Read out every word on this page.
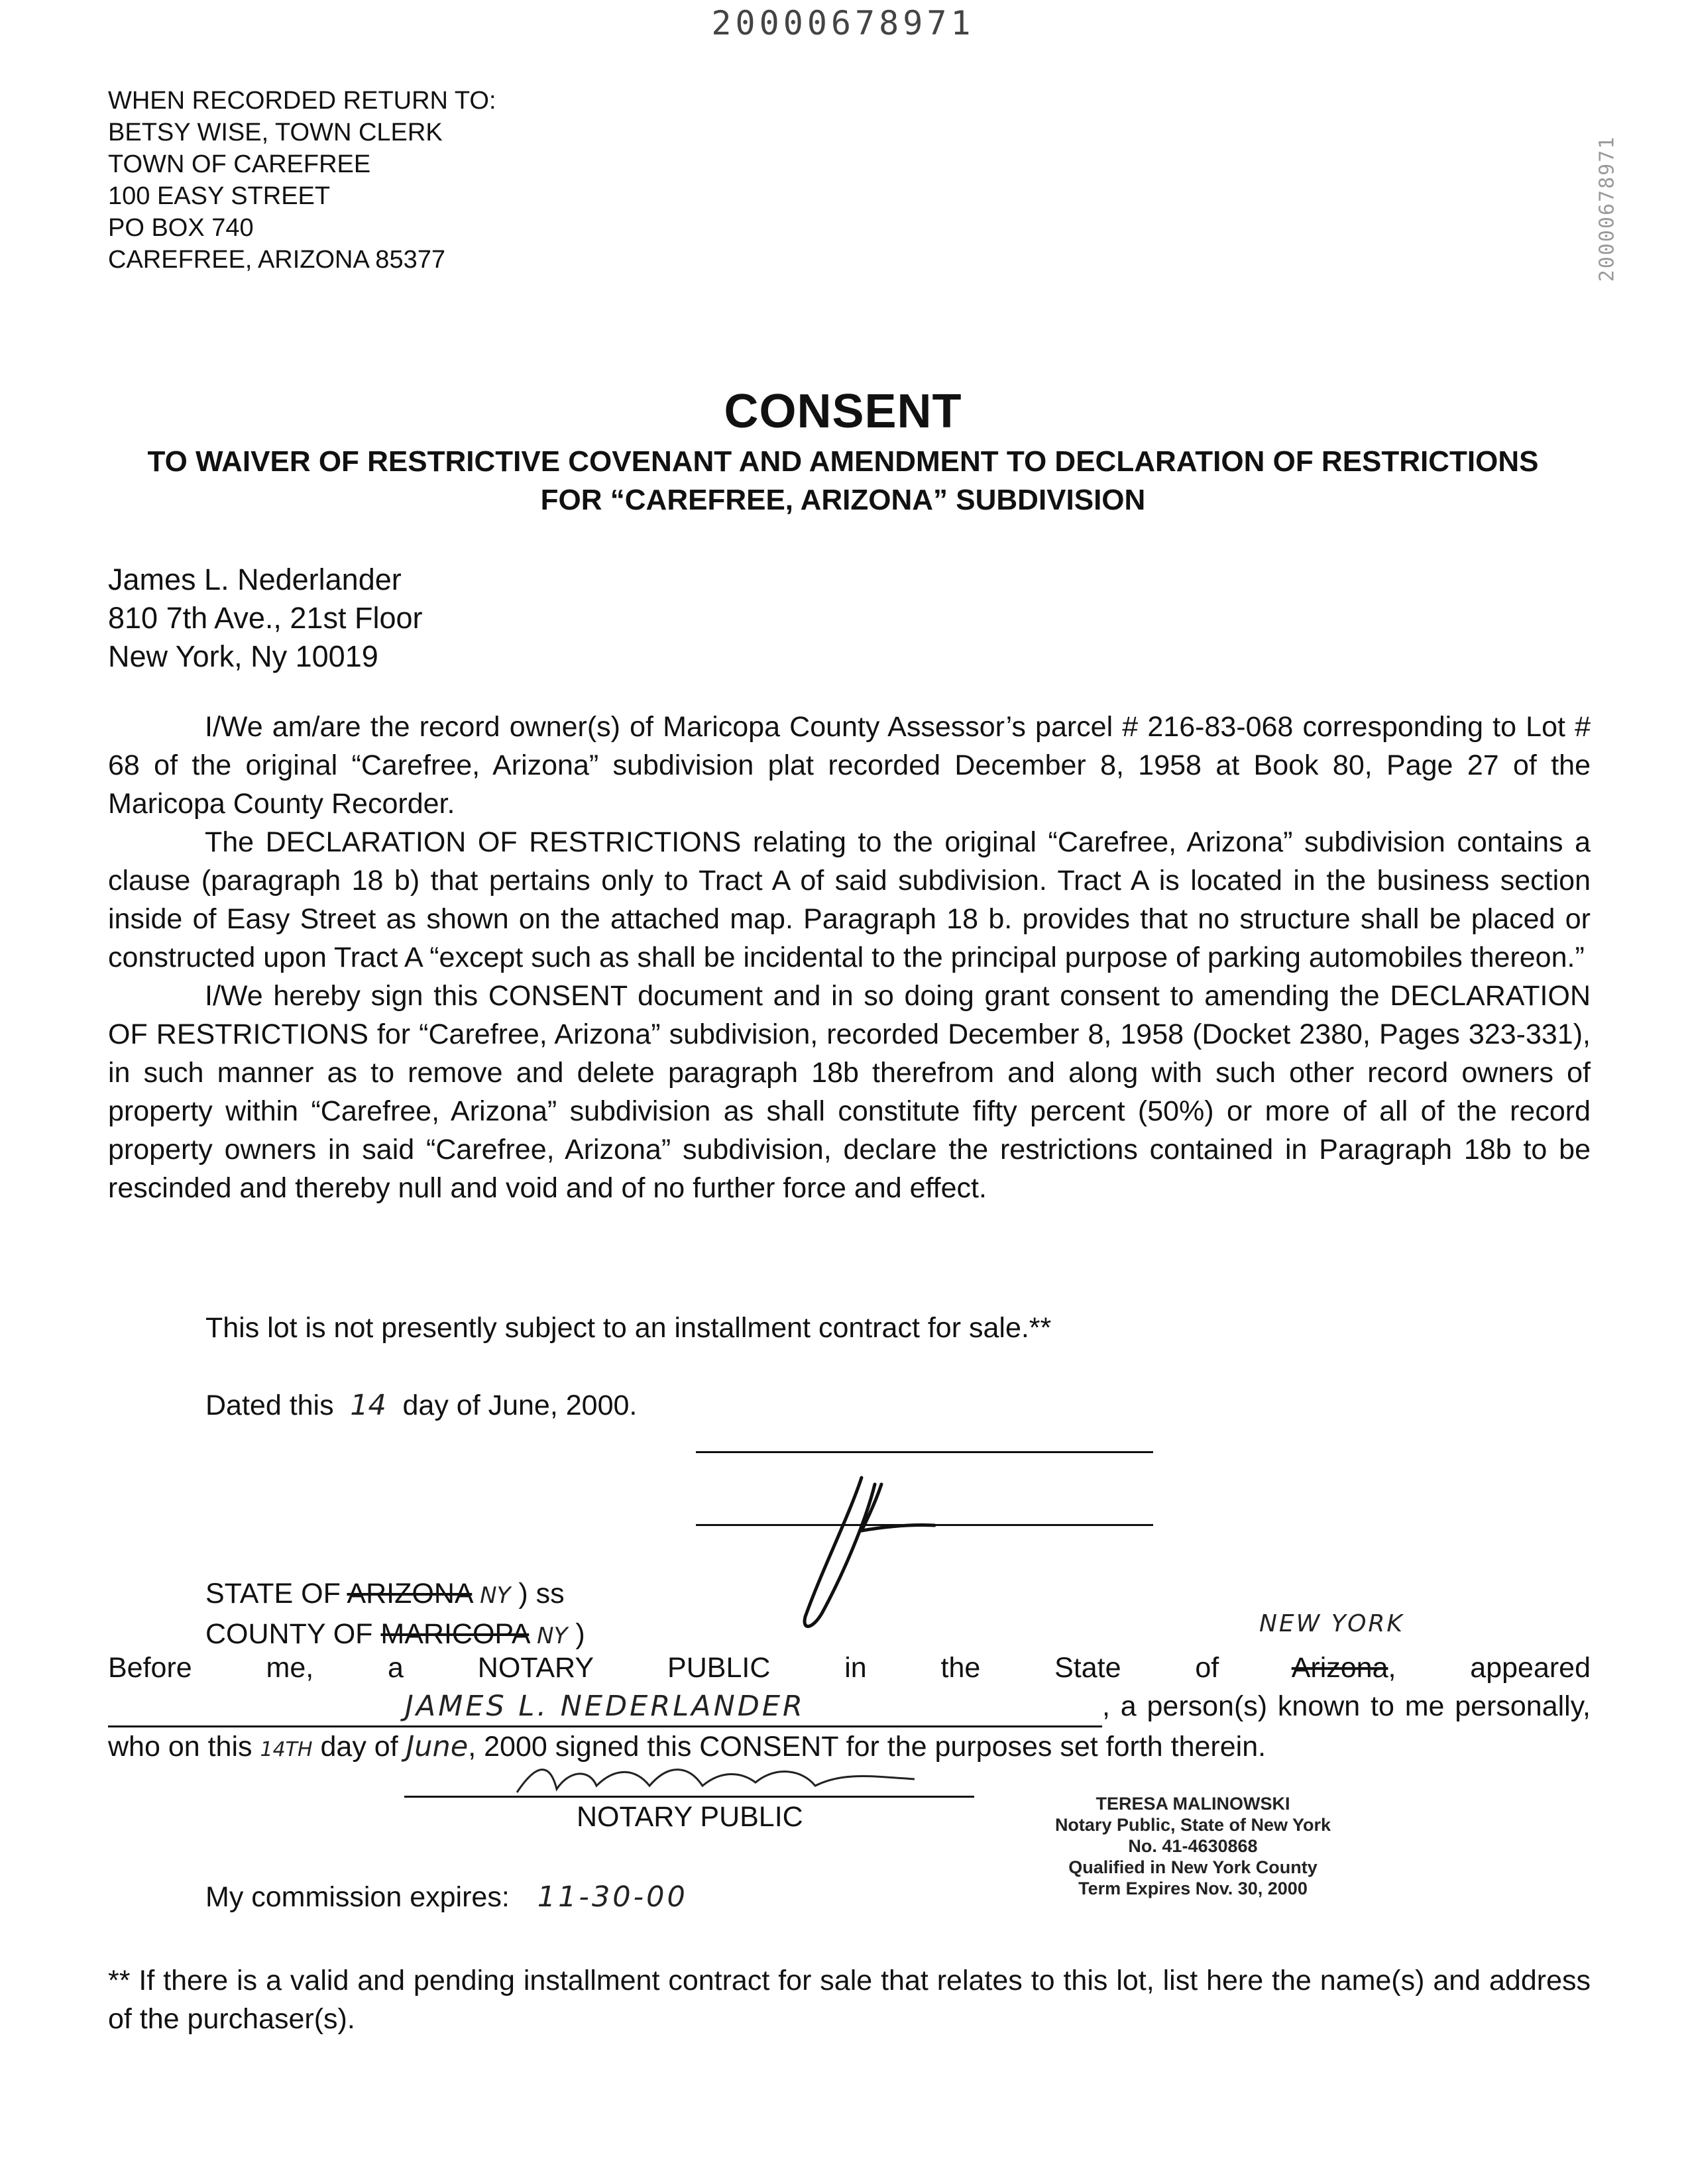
20000678971
WHEN RECORDED RETURN TO:
BETSY WISE, TOWN CLERK
TOWN OF CAREFREE
100 EASY STREET
PO BOX 740
CAREFREE, ARIZONA 85377	20000678971
CONSENT
TO WAIVER OF RESTRICTIVE COVENANT AND AMENDMENT TO DECLARATION OF RESTRICTIONS FOR “CAREFREE, ARIZONA” SUBDIVISION
James L. Nederlander
810 7th Ave., 21st Floor
New York, Ny 10019

I/We am/are the record owner(s) of Maricopa County Assessor’s parcel # 216-83-068 corresponding to Lot # 68 of the original “Carefree, Arizona” subdivision plat recorded December 8, 1958 at Book 80, Page 27 of the Maricopa County Recorder.

The DECLARATION OF RESTRICTIONS relating to the original “Carefree, Arizona” subdivision contains a clause (paragraph 18 b) that pertains only to Tract A of said subdivision. Tract A is located in the business section inside of Easy Street as shown on the attached map. Paragraph 18 b. provides that no structure shall be placed or constructed upon Tract A “except such as shall be incidental to the principal purpose of parking automobiles thereon.”

I/We hereby sign this CONSENT document and in so doing grant consent to amending the DECLARATION OF RESTRICTIONS for “Carefree, Arizona” subdivision, recorded December 8, 1958 (Docket 2380, Pages 323-331), in such manner as to remove and delete paragraph 18b therefrom and along with such other record owners of property within “Carefree, Arizona” subdivision as shall constitute fifty percent (50%) or more of all of the record property owners in said “Carefree, Arizona” subdivision, declare the restrictions contained in Paragraph 18b to be rescinded and thereby null and void and of no further force and effect.

This lot is not presently subject to an installment contract for sale.**
Dated this 14 day of June, 2000.
STATE OF ARIZONA NY ) ss
COUNTY OF MARICOPA NY )	NEW YORK
Before me, a NOTARY PUBLIC in the State of	Arizona, appeared JAMES L. NEDERLANDER	, a person(s) known to me personally, who on this 14TH day of June, 2000 signed this CONSENT for the purposes set forth therein.
NOTARY PUBLIC	TERESA MALINOWSKI
Notary Public, State of New York
No. 41-4630868
Qualified in New York County
Term Expires Nov. 30, 2000
My commission expires: 11-30-00
** If there is a valid and pending installment contract for sale that relates to this lot, list here the name(s) and address of the purchaser(s).
